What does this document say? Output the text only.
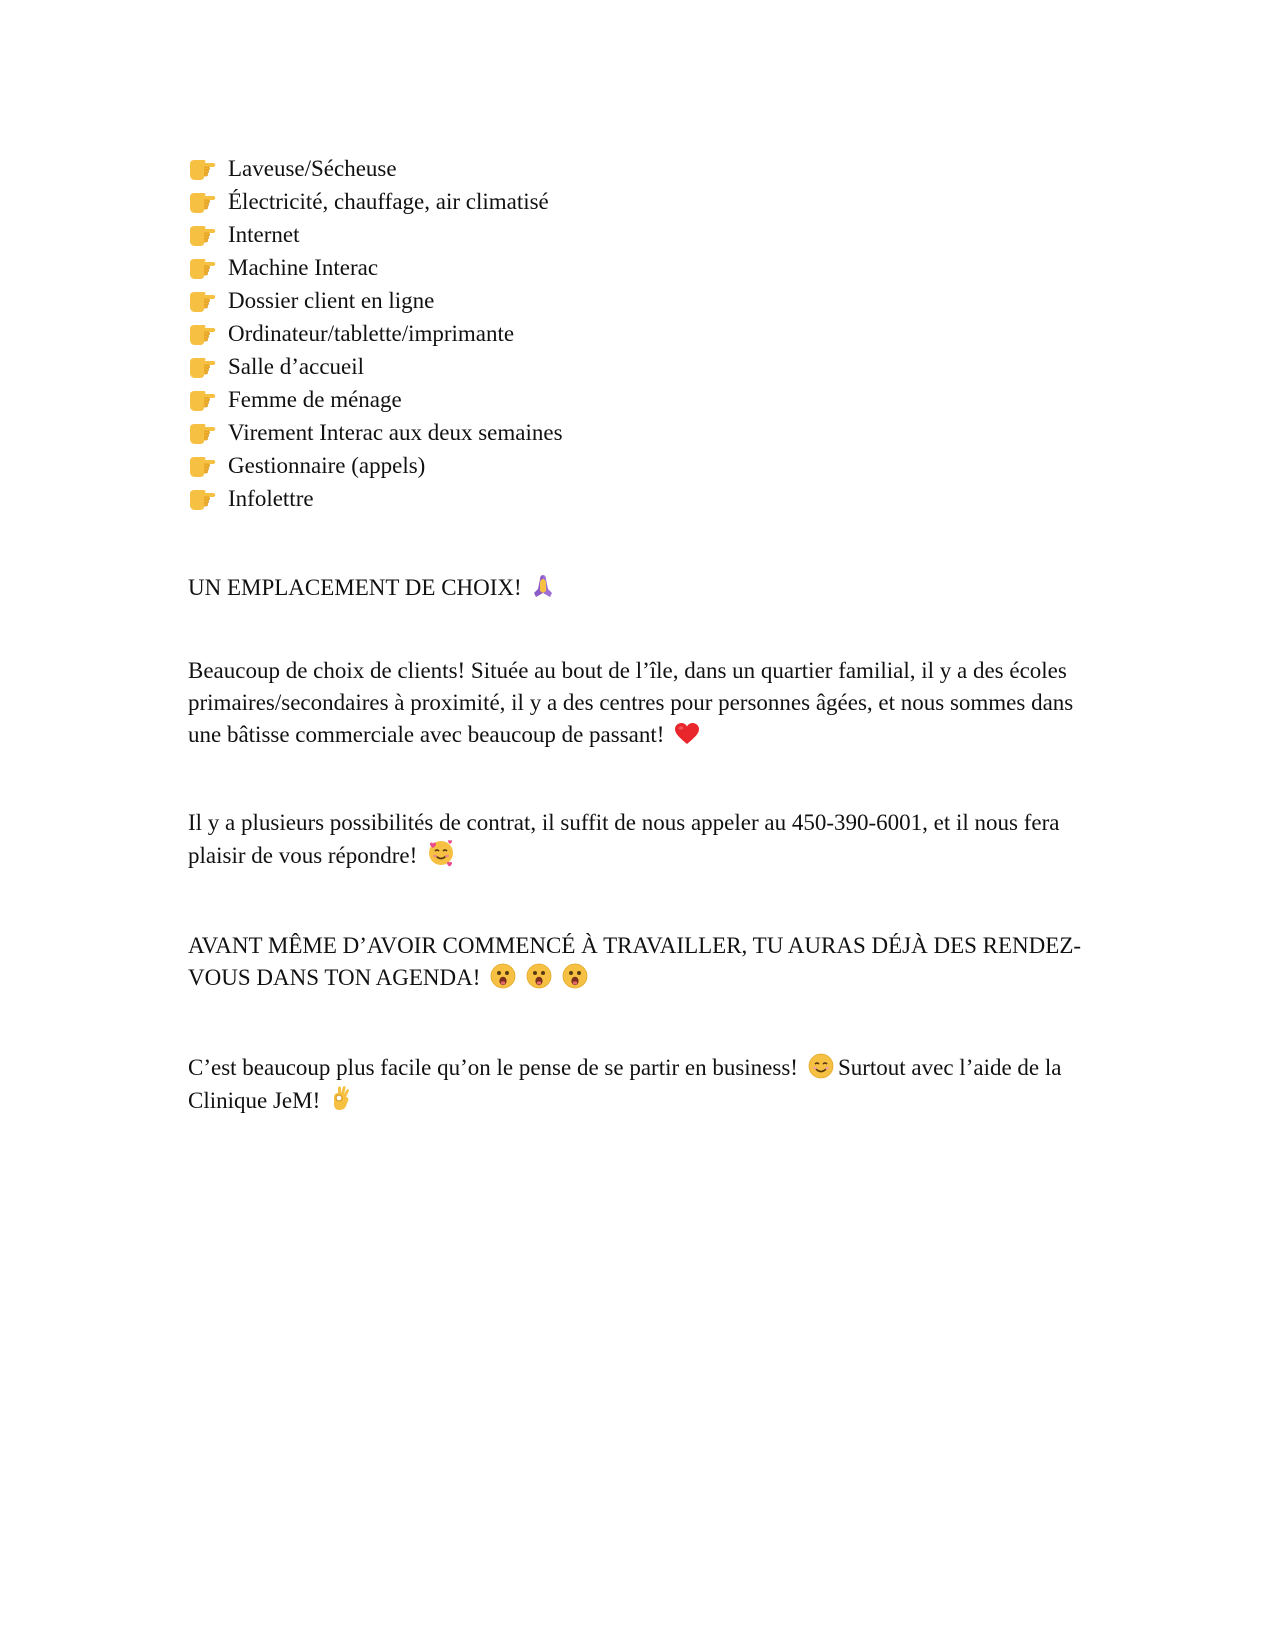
Laveuse/Sécheuse
Électricité, chauffage, air climatisé
Internet
Machine Interac
Dossier client en ligne
Ordinateur/tablette/imprimante
Salle d’accueil
Femme de ménage
Virement Interac aux deux semaines
Gestionnaire (appels)
Infolettre

UN EMPLACEMENT DE CHOIX!

Beaucoup de choix de clients! Située au bout de l’île, dans un quartier familial, il y a des écoles primaires/secondaires à proximité, il y a des centres pour personnes âgées, et nous sommes dans une bâtisse commerciale avec beaucoup de passant!

Il y a plusieurs possibilités de contrat, il suffit de nous appeler au 450-390-6001, et il nous fera plaisir de vous répondre!

AVANT MÊME D’AVOIR COMMENCÉ À TRAVAILLER, TU AURAS DÉJÀ DES RENDEZ-VOUS DANS TON AGENDA!

C’est beaucoup plus facile qu’on le pense de se partir en business! Surtout avec l’aide de la Clinique JeM!
